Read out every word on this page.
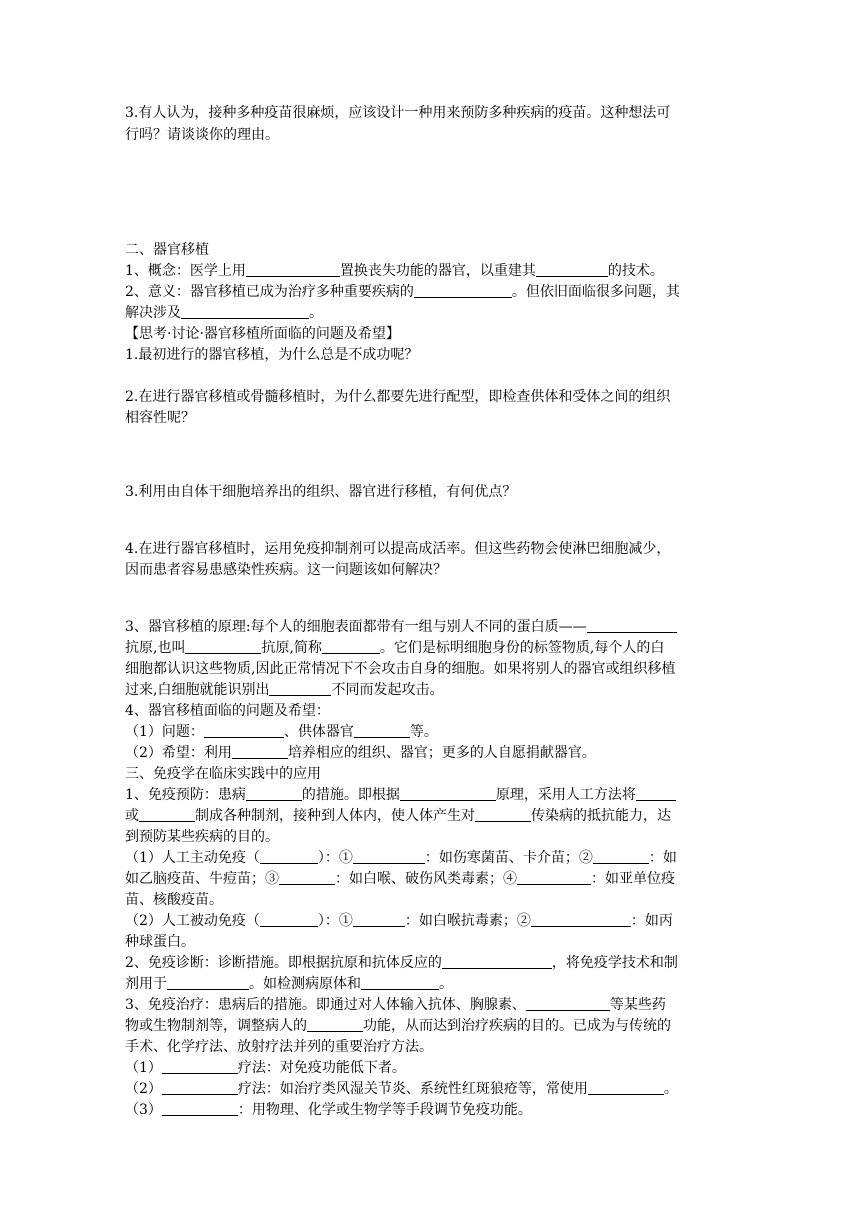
3.有人认为，接种多种疫苗很麻烦，应该设计一种用来预防多种疾病的疫苗。这种想法可
行吗？请谈谈你的理由。
二、器官移植
1、概念：医学上用	置换丧失功能的器官，以重建其	的技术。
2、意义：器官移植已成为治疗多种重要疾病的	。但依旧面临很多问题，其
解决涉及	。
【思考·讨论·器官移植所面临的问题及希望】
1.最初进行的器官移植，为什么总是不成功呢？
2.在进行器官移植或骨髓移植时，为什么都要先进行配型，即检查供体和受体之间的组织
相容性呢？
3.利用由自体干细胞培养出的组织、器官进行移植，有何优点？
4.在进行器官移植时，运用免疫抑制剂可以提高成活率。但这些药物会使淋巴细胞减少，
因而患者容易患感染性疾病。这一问题该如何解决？
3、器官移植的原理:每个人的细胞表面都带有一组与别人不同的蛋白质——
抗原,也叫	抗原,简称	。它们是标明细胞身份的标签物质,每个人的白
细胞都认识这些物质,因此正常情况下不会攻击自身的细胞。如果将别人的器官或组织移植
过来,白细胞就能识别出	不同而发起攻击。
4、器官移植面临的问题及希望：
（1）问题：	、供体器官	等。
（2）希望：利用	培养相应的组织、器官；更多的人自愿捐献器官。
三、免疫学在临床实践中的应用
1、免疫预防：患病	的措施。即根据	原理，采用人工方法将
或	制成各种制剂，接种到人体内，使人体产生对	传染病的抵抗能力，达
到预防某些疾病的目的。
（1）人工主动免疫（	）：①	：如伤寒菌苗、卡介苗；②	：如
如乙脑疫苗、牛痘苗；③	：如白喉、破伤风类毒素；④	：如亚单位疫
苗、核酸疫苗。
（2）人工被动免疫（	）：①	：如白喉抗毒素；②	：如丙
种球蛋白。
2、免疫诊断：诊断措施。即根据抗原和抗体反应的	，将免疫学技术和制
剂用于	。如检测病原体和	。
3、免疫治疗：患病后的措施。即通过对人体输入抗体、胸腺素、	等某些药
物或生物制剂等，调整病人的	功能，从而达到治疗疾病的目的。已成为与传统的
手术、化学疗法、放射疗法并列的重要治疗方法。
（1）	疗法：对免疫功能低下者。
（2）	疗法：如治疗类风湿关节炎、系统性红斑狼疮等，常使用	。
（3）	：用物理、化学或生物学等手段调节免疫功能。
